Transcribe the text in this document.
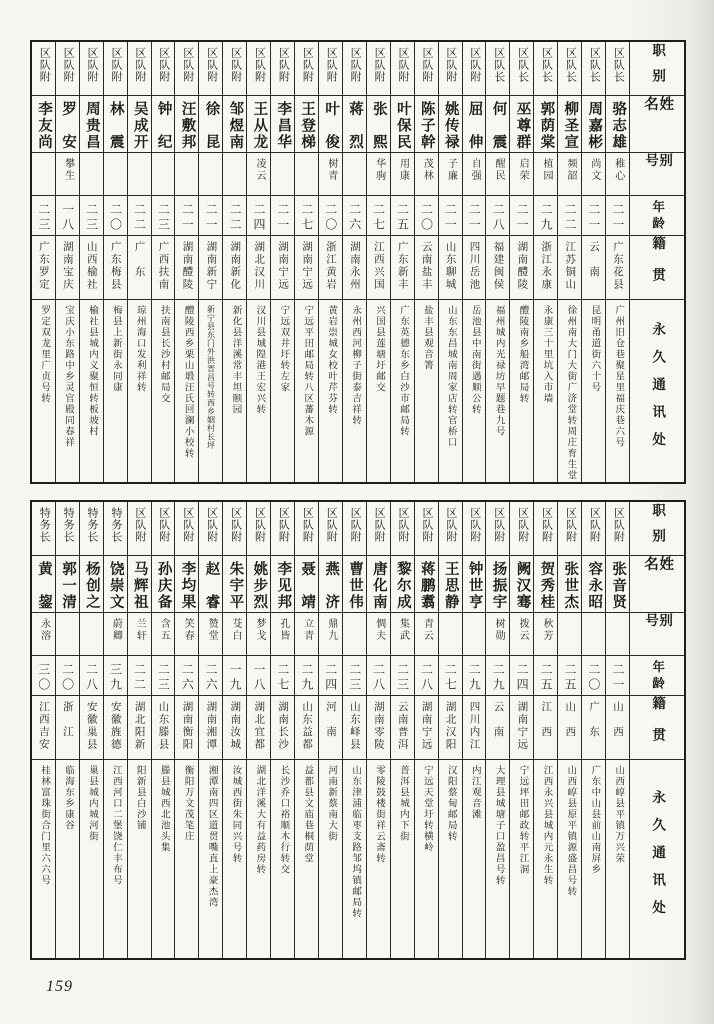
职别
姓名
别号
年龄
籍贯
永久通讯处
区队长
骆志雄
稚心
二一
广东花县
广州旧仓巷聚星里福庆巷六号
区队长
周嘉彬
尚文
二一
云　南
昆明甬道街六十号
区队长
柳圣宣
频韶
二二
江苏铜山
徐州南大门大街广济堂转周庄育生堂
区队长
郭荫棠
植园
二九
浙江永康
永康三十里坑入市墙
区队长
巫尊群
启荣
二一
湖南醴陵
醴陵南乡船湾邮局转
区队长
何　震
醒民
二八
福建闽侯
福州城内光禄坊早题巷九号
区队附
屈　伸
自强
二一
四川岳池
岳池县中南街遇顺公转
区队附
姚传禄
子廉
二一
山东聊城
山东东昌城南周家店转官桥口
区队附
陈子幹
茂林
二〇
云南盐丰
盐丰县观音箐
区队附
叶保民
用康
二五
广东新丰
广东英德东乡白沙市邮局转
区队附
张　熙
华驹
二七
江西兴国
兴国县莲塘圩邮交
区队附
蒋　烈
二六
湖南永州
永州西河柳子街泰吉祥转
区队附
叶　俊
树青
二〇
浙江黄岩
黄岩崇城女校叶芹芬转
区队附
王登梯
二七
湖南宁远
宁远平田邮局转八区蕃木源
区队附
李昌华
二一
湖南宁远
宁远双井圩转左家
区队附
王从龙
凌云
二四
湖北汉川
汉川县城隍港王宏兴转
区队附
邹煜南
二二
湖南新化
新化县洋溪常丰坦颐园
区队附
徐　昆
二一
湖南新宁
新宁县东门外洪晋昌号转西乡姻村长坪
区队附
汪敷邦
二一
湖南醴陵
醴陵西乡栗山塅汪氏回澜小校转
区队附
钟　纪
二三
广西扶南
扶南县长沙村邮局交
区队附
吴成开
二二
广　东
琼州海口发利祥转
区队附
林　震
二〇
广东梅县
梅县上新街永同康
区队附
周贵昌
二三
山西榆社
榆社县城内义聚恒转板坡村
区队附
罗　安
攀生
一八
湖南宝庆
宝庆小东路中乡灵官殿同春祥
区队附
李友尚
二三
广东罗定
罗定双龙里广贞号转
职别
姓名
别号
年龄
籍贯
永久通讯处
区队附
张音贤
二一
山　西
山西崞县平镇万兴荣
区队附
容永昭
二〇
广　东
广东中山县前山南屏乡
区队附
张世杰
二五
山　西
山西崞县原平镇源盛昌号转
区队附
贺秀桂
秋芳
二五
江　西
江西永兴县城内元永生转
区队附
阙汉骞
拨云
二四
湖南宁远
宁远坪田邮政转平江洞
区队附
扬振宇
树勋
二九
云　南
大理县城塘子口盈昌号转
区队附
钟世亨
二九
四川内江
内江观音滩
区队附
王思静
二七
湖北汉阳
汉阳蔡甸邮局转
区队附
蒋鹏翥
青云
二八
湖南宁远
宁远天堂圩转横岭
区队附
黎尔成
集武
二三
云南普洱
普洱县城内下街
区队附
唐化南
惆夫
二八
湖南零陵
零陵鼓楼街祥云斋转
区队附
曹世伟
二三
山东峄县
山东津浦临枣支路邹坞镇邮局转
区队附
燕　济
鼎九
二四
河　南
河南新蔡南大街
区队附
聂　靖
立青
二九
山东益都
益都县文庙巷桐荫堂
区队附
李见邦
孔皆
二七
湖南长沙
长沙乔口裕顺木行转交
区队附
姚步烈
梦戈
一八
湖北宜都
湖北洋溪大有益药房转
区队附
朱宇平
芟白
一九
湖南汝城
汝城西街朱同兴号转
区队附
赵　睿
赞堂
二六
湖南湘潭
湘潭南四区道贯嘴直上豪杰湾
区队附
李均果
笑春
二六
湖南衡阳
衡阳万文茂笔庄
区队附
孙庆备
含五
二三
山东滕县
滕县城西北池头集
区队附
马辉祖
兰轩
二二
湖北阳新
阳新县白沙铺
特务长
饶崇文
蔚卿
三九
安徽旌德
江西河口二堡饶仁丰布号
特务长
杨创之
二八
安徽巢县
巢县城内城河街
特务长
郭一清
二〇
浙　江
临海东乡康谷
特务长
黄　鋆
永溶
三〇
江西吉安
桂林富珠街合门里六六号
159
